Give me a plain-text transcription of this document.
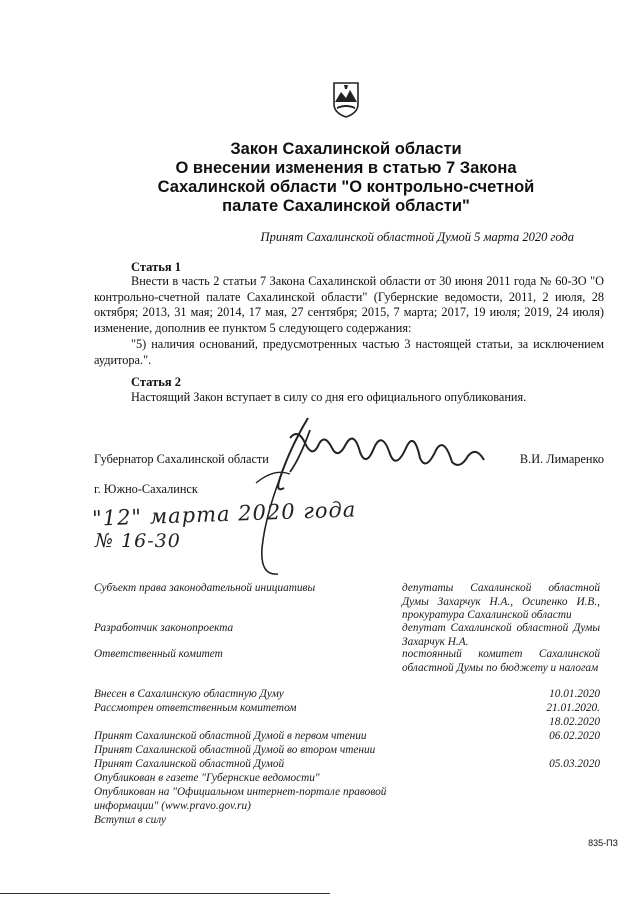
Закон Сахалинской области
О внесении изменения в статью 7 Закона
Сахалинской области "О контрольно-счетной
палате Сахалинской области"
Принят Сахалинской областной Думой 5 марта 2020 года
Статья 1
Внести в часть 2 статьи 7 Закона Сахалинской области от 30 июня 2011 года № 60-ЗО "О контрольно-счетной палате Сахалинской области" (Губернские ведомости, 2011, 2 июля, 28 октября; 2013, 31 мая; 2014, 17 мая, 27 сентября; 2015, 7 марта; 2017, 19 июля; 2019, 24 июля) изменение, дополнив ее пунктом 5 следующего содержания:
"5) наличия оснований, предусмотренных частью 3 настоящей статьи, за исключением аудитора.".
Статья 2
Настоящий Закон вступает в силу со дня его официального опубликования.
Губернатор Сахалинской области	В.И. Лимаренко
г. Южно-Сахалинск
"12" марта 2020 года
№ 16-30
Субъект права законодательной инициативы	депутаты Сахалинской областной Думы Захарчук Н.А., Осипенко И.В., прокуратура Сахалинской области
Разработчик законопроекта	депутат Сахалинской областной Думы Захарчук Н.А.
Ответственный комитет	постоянный комитет Сахалинской областной Думы по бюджету и налогам
Внесен в Сахалинскую областную Думу	10.01.2020
Рассмотрен ответственным комитетом	21.01.2020.
18.02.2020
Принят Сахалинской областной Думой в первом чтении	06.02.2020
Принят Сахалинской областной Думой во втором чтении
Принят Сахалинской областной Думой	05.03.2020
Опубликован в газете "Губернские ведомости"
Опубликован на "Официальном интернет-портале правовой информации" (www.pravo.gov.ru)
Вступил в силу
835-ПЗ
